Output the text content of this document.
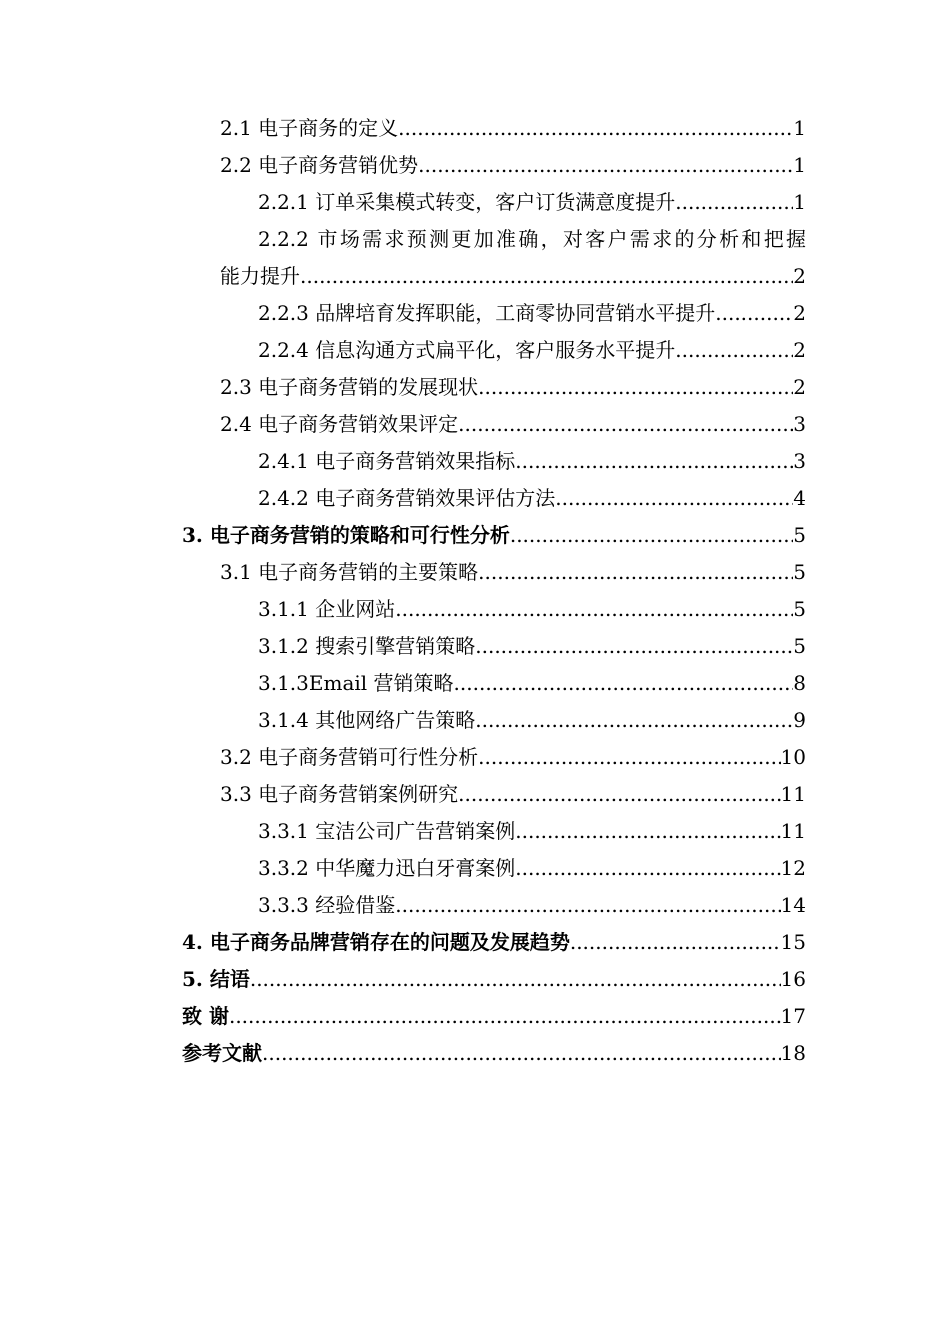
2.1 电子商务的定义 .....	1
2.2 电子商务营销优势 .....	1
2.2.1 订单采集模式转变，客户订货满意度提升 .....	1
2.2.2 市场需求预测更加准确，对客户需求的分析和把握
能力提升 .....	2
2.2.3 品牌培育发挥职能，工商零协同营销水平提升 .....	2
2.2.4 信息沟通方式扁平化，客户服务水平提升 .....	2
2.3 电子商务营销的发展现状 .....	2
2.4 电子商务营销效果评定 .....	3
2.4.1 电子商务营销效果指标 .....	3
2.4.2 电子商务营销效果评估方法 .....	4
3. 电子商务营销的策略和可行性分析 .....	5
3.1 电子商务营销的主要策略 .....	5
3.1.1 企业网站 .....	5
3.1.2 搜索引擎营销策略 .....	5
3.1.3Email 营销策略 .....	8
3.1.4 其他网络广告策略 .....	9
3.2 电子商务营销可行性分析 .....	10
3.3 电子商务营销案例研究 .....	11
3.3.1 宝洁公司广告营销案例 .....	11
3.3.2 中华魔力迅白牙膏案例 .....	12
3.3.3 经验借鉴 .....	14
4. 电子商务品牌营销存在的问题及发展趋势 .....	15
5. 结语 .....	16
致 谢 .....	17
参考文献 .....	18
